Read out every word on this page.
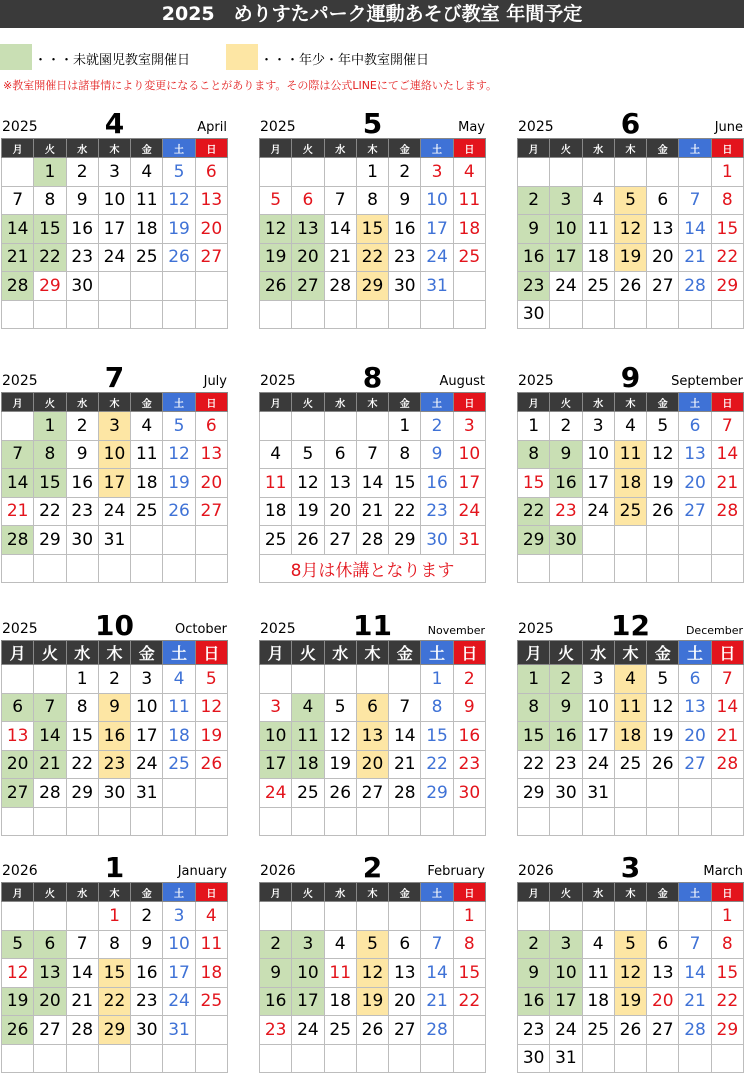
2025　めりすたパーク運動あそび教室 年間予定
・・・未就園児教室開催日	・・・年少・年中教室開催日
※教室開催日は諸事情により変更になることがあります。その際は公式LINEにてご連絡いたします。
2025	4	April
月	火	水	木	金	土	日
	1	2	3	4	5	6
7	8	9	10	11	12	13
14	15	16	17	18	19	20
21	22	23	24	25	26	27
28	29	30				

2025	5	May
月	火	水	木	金	土	日
			1	2	3	4
5	6	7	8	9	10	11
12	13	14	15	16	17	18
19	20	21	22	23	24	25
26	27	28	29	30	31	

2025	6	June
月	火	水	木	金	土	日
						1
2	3	4	5	6	7	8
9	10	11	12	13	14	15
16	17	18	19	20	21	22
23	24	25	26	27	28	29
30						
2025	7	July
月	火	水	木	金	土	日
	1	2	3	4	5	6
7	8	9	10	11	12	13
14	15	16	17	18	19	20
21	22	23	24	25	26	27
28	29	30	31			

2025	8	August
月	火	水	木	金	土	日
				1	2	3
4	5	6	7	8	9	10
11	12	13	14	15	16	17
18	19	20	21	22	23	24
25	26	27	28	29	30	31
8月は休講となります						
2025	9	September
月	火	水	木	金	土	日
1	2	3	4	5	6	7
8	9	10	11	12	13	14
15	16	17	18	19	20	21
22	23	24	25	26	27	28
29	30					

2025	10	October
月	火	水	木	金	土	日
		1	2	3	4	5
6	7	8	9	10	11	12
13	14	15	16	17	18	19
20	21	22	23	24	25	26
27	28	29	30	31		

2025	11	November
月	火	水	木	金	土	日
					1	2
3	4	5	6	7	8	9
10	11	12	13	14	15	16
17	18	19	20	21	22	23
24	25	26	27	28	29	30

2025	12	December
月	火	水	木	金	土	日
1	2	3	4	5	6	7
8	9	10	11	12	13	14
15	16	17	18	19	20	21
22	23	24	25	26	27	28
29	30	31				

2026	1	January
月	火	水	木	金	土	日
			1	2	3	4
5	6	7	8	9	10	11
12	13	14	15	16	17	18
19	20	21	22	23	24	25
26	27	28	29	30	31	

2026	2	February
月	火	水	木	金	土	日
						1
2	3	4	5	6	7	8
9	10	11	12	13	14	15
16	17	18	19	20	21	22
23	24	25	26	27	28	

2026	3	March
月	火	水	木	金	土	日
						1
2	3	4	5	6	7	8
9	10	11	12	13	14	15
16	17	18	19	20	21	22
23	24	25	26	27	28	29
30	31					
